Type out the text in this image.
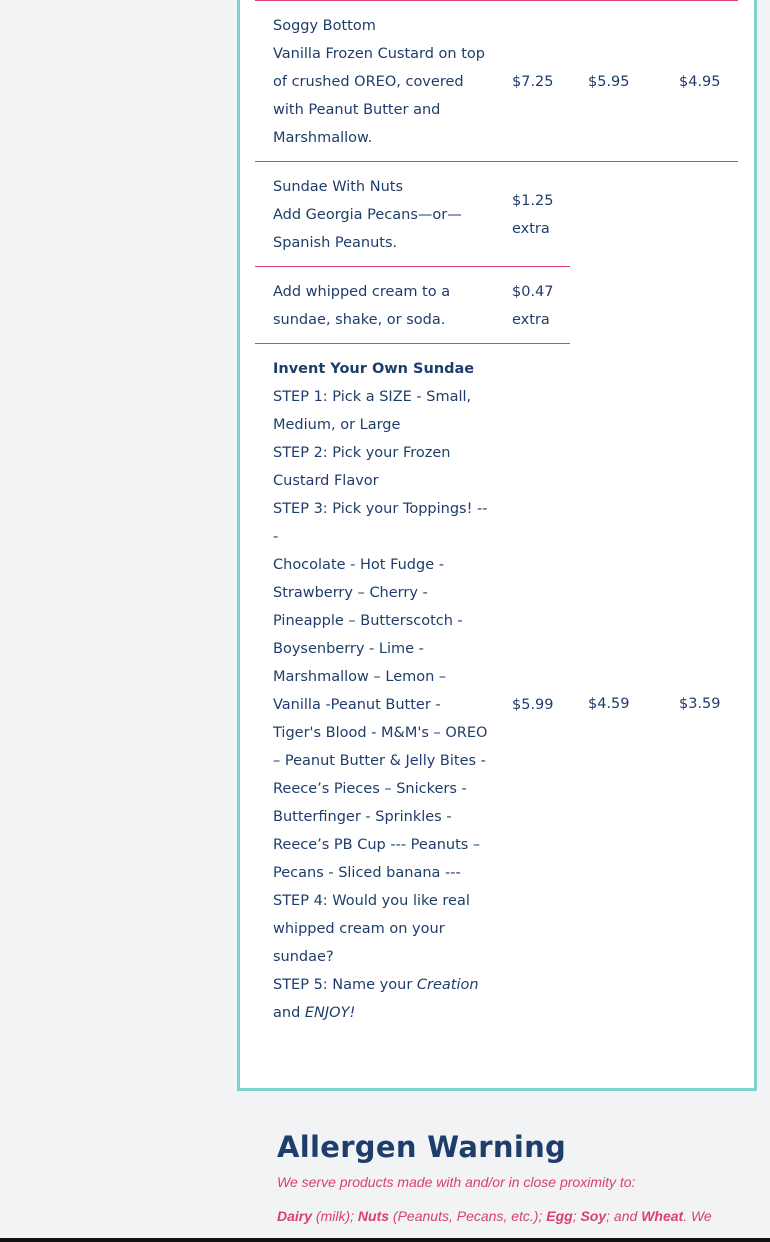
Soggy Bottom
Vanilla Frozen Custard on top of crushed OREO, covered with Peanut Butter and Marshmallow.
$7.25 $5.95	$4.95
Sundae With Nuts
Add Georgia Pecans—or—Spanish Peanuts.
$1.25
extra
Add whipped cream to a sundae, shake, or soda.
$0.47
extra
Invent Your Own Sundae
STEP 1: Pick a SIZE - Small, Medium, or Large
STEP 2: Pick your Frozen Custard Flavor
STEP 3: Pick your Toppings! ---
Chocolate - Hot Fudge - Strawberry – Cherry - Pineapple – Butterscotch - Boysenberry - Lime - Marshmallow – Lemon – Vanilla -Peanut Butter - Tiger's Blood - M&M's – OREO – Peanut Butter & Jelly Bites - Reece’s Pieces – Snickers - Butterfinger - Sprinkles - Reece’s PB Cup --- Peanuts – Pecans - Sliced banana ---
STEP 4: Would you like real whipped cream on your sundae?
STEP 5: Name your Creation
and ENJOY!
$5.99 $4.59	$3.59
Allergen Warning

We serve products made with and/or in close proximity to:

Dairy (milk); Nuts (Peanuts, Pecans, etc.); Egg; Soy; and Wheat. We
